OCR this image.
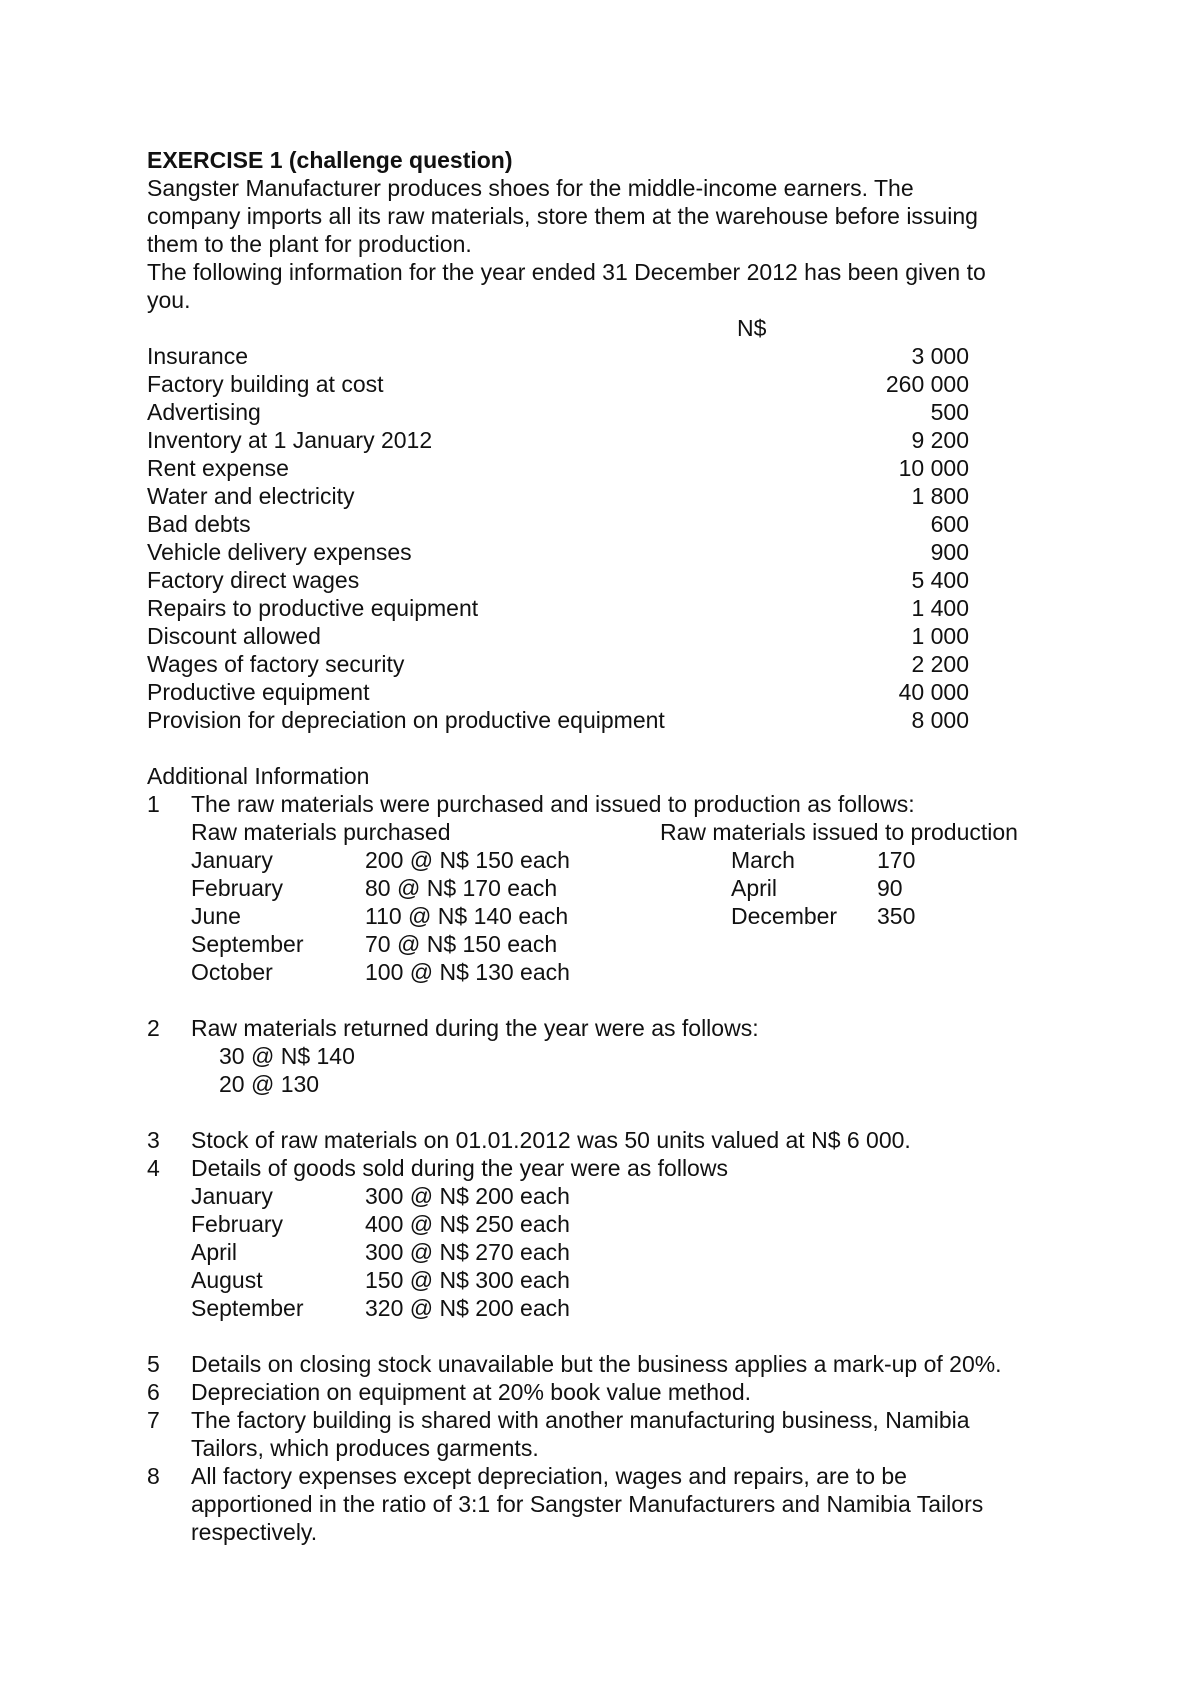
EXERCISE 1 (challenge question)
Sangster Manufacturer produces shoes for the middle-income earners. The
company imports all its raw materials, store them at the warehouse before issuing
them to the plant for production.
The following information for the year ended 31 December 2012 has been given to
you.
N$
Insurance	3 000
Factory building at cost	260 000
Advertising	500
Inventory at 1 January 2012	9 200
Rent expense	10 000
Water and electricity	1 800
Bad debts	600
Vehicle delivery expenses	900
Factory direct wages	5 400
Repairs to productive equipment	1 400
Discount allowed	1 000
Wages of factory security	2 200
Productive equipment	40 000
Provision for depreciation on productive equipment	8 000
Additional Information
1 The raw materials were purchased and issued to production as follows:
Raw materials purchased	Raw materials issued to production
January	200 @ N$ 150 each	March	170
February	80 @ N$ 170 each	April	90
June	110 @ N$ 140 each	December 350
September	70 @ N$ 150 each
October	100 @ N$ 130 each
2 Raw materials returned during the year were as follows:
30 @ N$ 140
20 @ 130
3 Stock of raw materials on 01.01.2012 was 50 units valued at N$ 6 000.
4 Details of goods sold during the year were as follows
January	300 @ N$ 200 each
February	400 @ N$ 250 each
April	300 @ N$ 270 each
August	150 @ N$ 300 each
September	320 @ N$ 200 each
5 Details on closing stock unavailable but the business applies a mark-up of 20%.
6 Depreciation on equipment at 20% book value method.
7 The factory building is shared with another manufacturing business, Namibia
Tailors, which produces garments.
8 All factory expenses except depreciation, wages and repairs, are to be
apportioned in the ratio of 3:1 for Sangster Manufacturers and Namibia Tailors
respectively.
